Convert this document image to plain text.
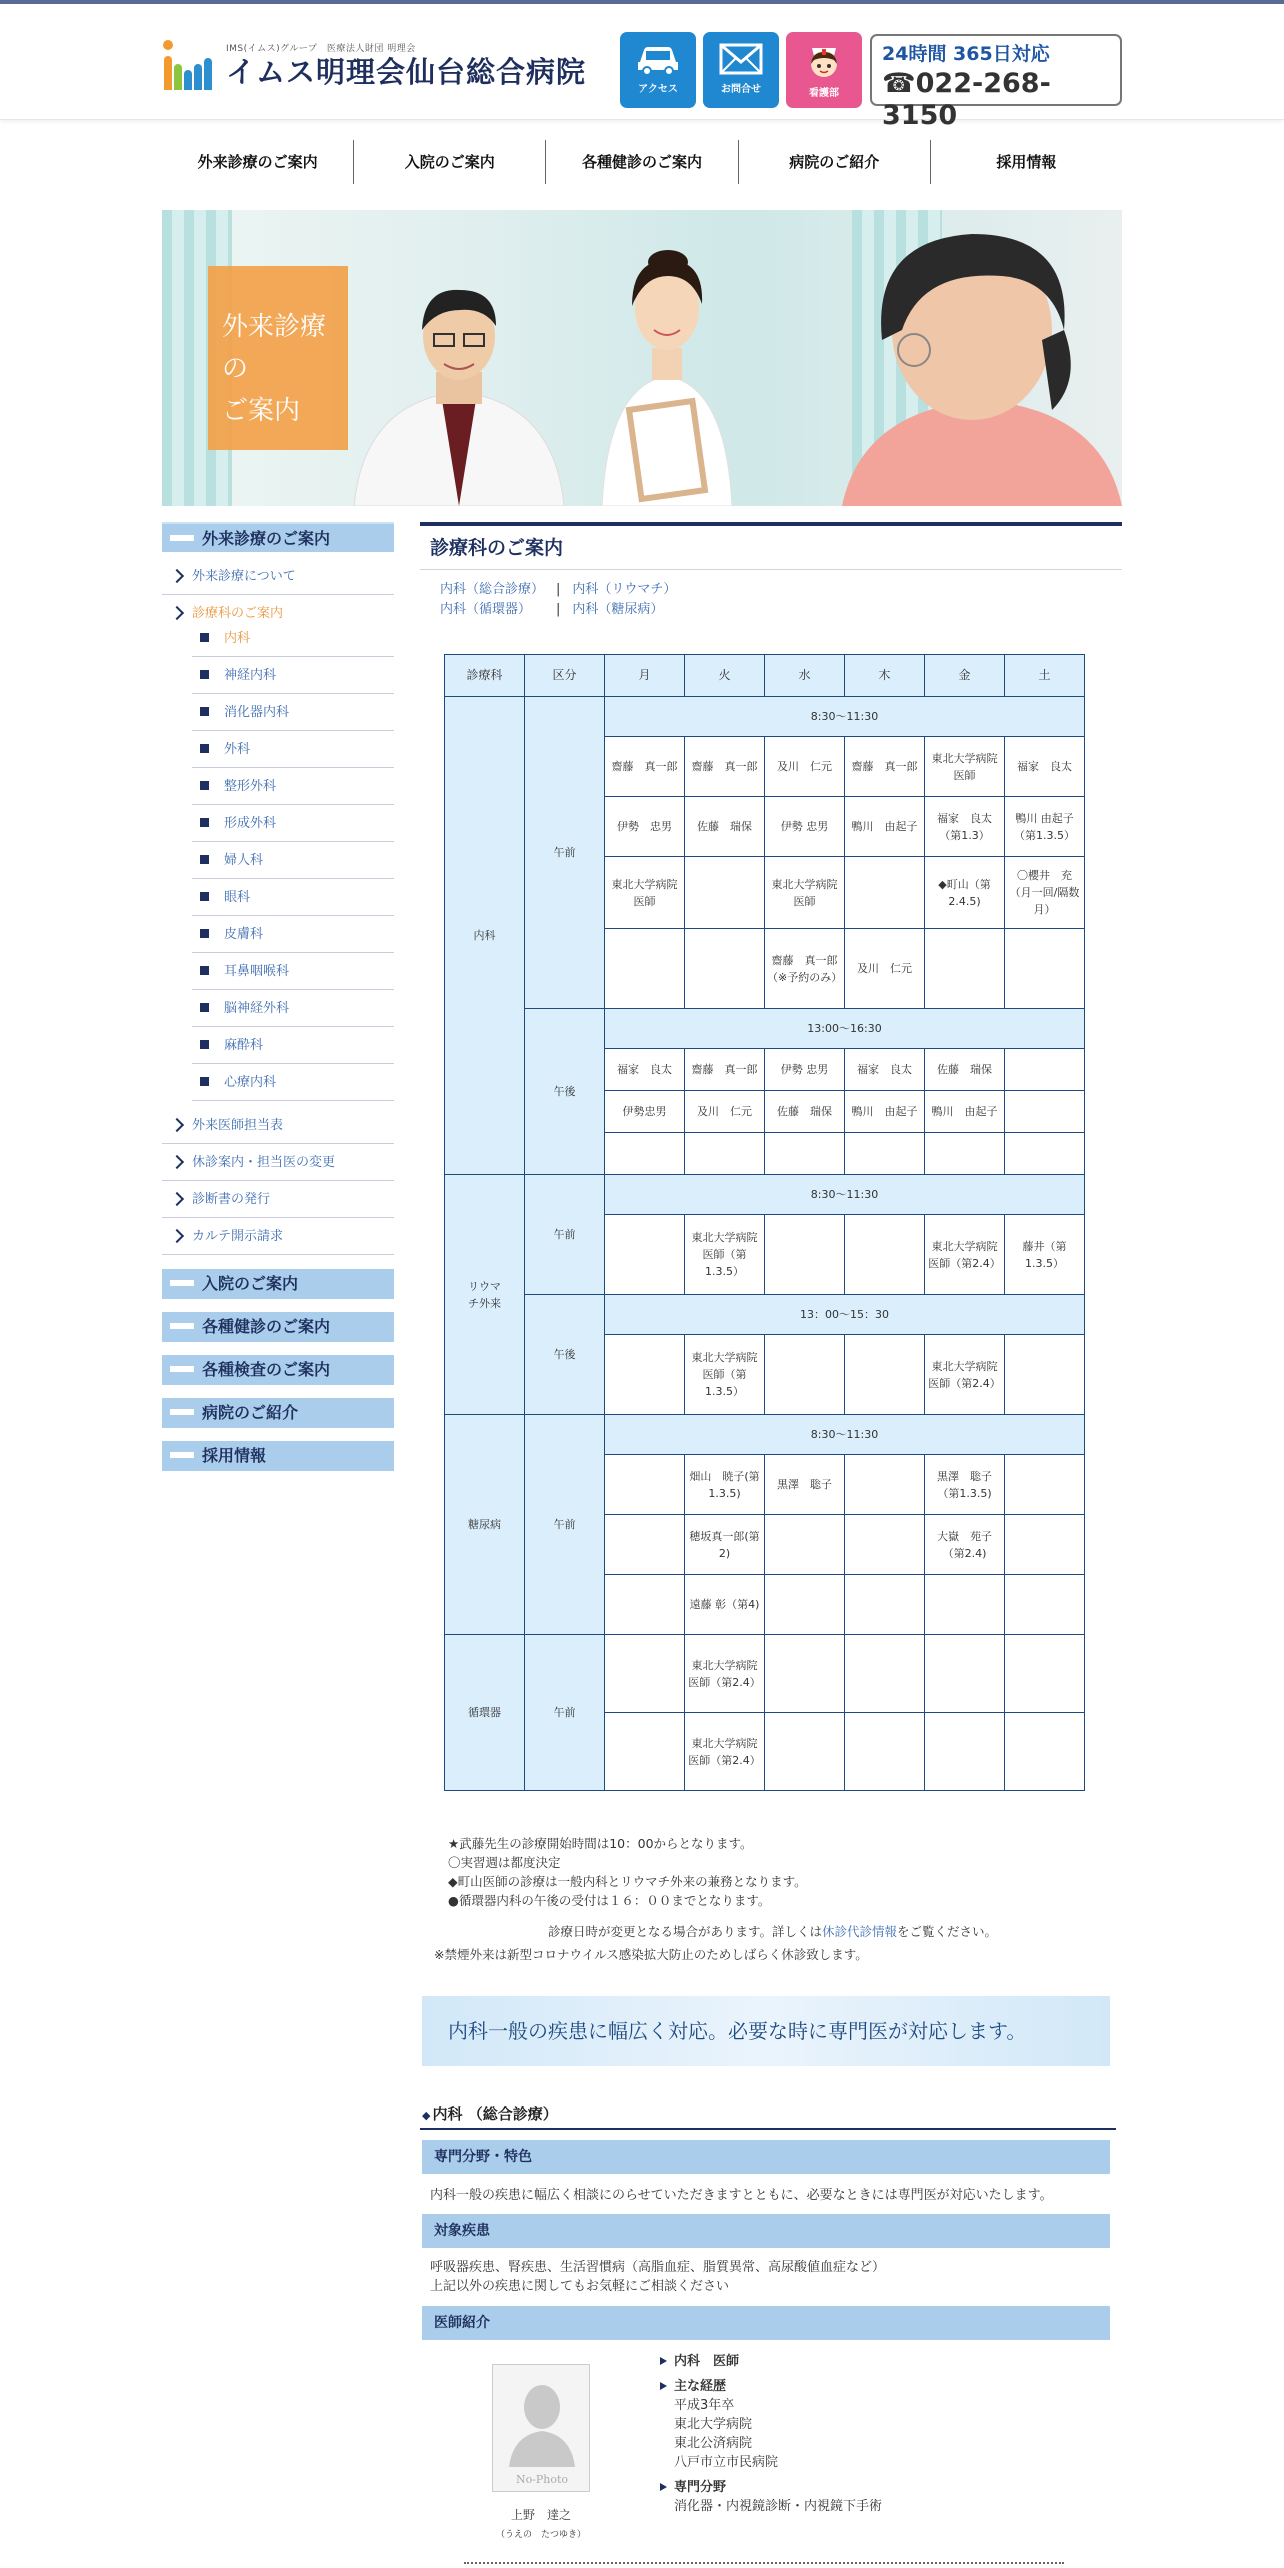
IMS(イムス)グループ　医療法人財団 明理会
イムス明理会仙台総合病院
アクセス	お問合せ	看護部
24時間 365日対応
☎022-268-3150
外来診療のご案内	入院のご案内	各種健診のご案内	病院のご紹介	採用情報
外来診療の
ご案内
外来診療のご案内
外来診療について
診療科のご案内
内科
神経内科
消化器内科
外科
整形外科
形成外科
婦人科
眼科
皮膚科
耳鼻咽喉科
脳神経外科
麻酔科
心療内科
外来医師担当表
休診案内・担当医の変更
診断書の発行
カルテ開示請求
入院のご案内
各種健診のご案内
各種検査のご案内
病院のご紹介
採用情報
診療科のご案内
内科（総合診療） | 内科（リウマチ）
内科（循環器） | 内科（糖尿病）
診療科	区分	月	火	水	木	金	土
内科	午前	8:30〜11:30					
		齋藤　真一郎	齋藤　真一郎	及川　仁元	齋藤　真一郎	東北大学病院医師	福家　良太
		伊勢　忠男	佐藤　瑞保	伊勢 忠男	鴨川　由起子	福家　良太（第1.3）	鴨川 由起子（第1.3.5）
		東北大学病院医師		東北大学病院医師		◆町山（第2.4.5)	〇櫻井　充（月一回/隔数月）
				齋藤　真一郎（※予約のみ）	及川　仁元		
	午後	13:00〜16:30					
		福家　良太	齋藤　真一郎	伊勢 忠男	福家　良太	佐藤　瑞保	
		伊勢忠男	及川　仁元	佐藤　瑞保	鴨川　由起子	鴨川　由起子	

リウマチ外来	午前	8:30〜11:30					
			東北大学病院医師（第1.3.5）			東北大学病院医師（第2.4）	藤井（第1.3.5）
	午後	13：00〜15：30					
			東北大学病院医師（第1.3.5）			東北大学病院医師（第2.4）	
糖尿病	午前	8:30〜11:30					
			畑山　暁子(第1.3.5)	黒澤　聡子		黒澤　聡子（第1.3.5)	
			穂坂真一郎(第2)			大嶽　苑子（第2.4)	
			遠藤 彰（第4)				
循環器	午前		東北大学病院医師（第2.4）				
			東北大学病院医師（第2.4）				
★武藤先生の診療開始時間は10：00からとなります。
〇実習週は都度決定
◆町山医師の診療は一般内科とリウマチ外来の兼務となります。
●循環器内科の午後の受付は１６：００までとなります。
診療日時が変更となる場合があります。詳しくは休診代診情報をご覧ください。
※禁煙外来は新型コロナウイルス感染拡大防止のためしばらく休診致します。
内科一般の疾患に幅広く対応。必要な時に専門医が対応します。
◆ 内科 （総合診療）
専門分野・特色
内科一般の疾患に幅広く相談にのらせていただきますとともに、必要なときには専門医が対応いたします。
対象疾患
呼吸器疾患、腎疾患、生活習慣病（高脂血症、脂質異常、高尿酸値血症など）
上記以外の疾患に関してもお気軽にご相談ください
医師紹介
No-Photo
上野　達之
（うえの　たつゆき）
内科　医師
主な経歴
平成3年卒
東北大学病院
東北公済病院
八戸市立市民病院
専門分野
消化器・内視鏡診断・内視鏡下手術
